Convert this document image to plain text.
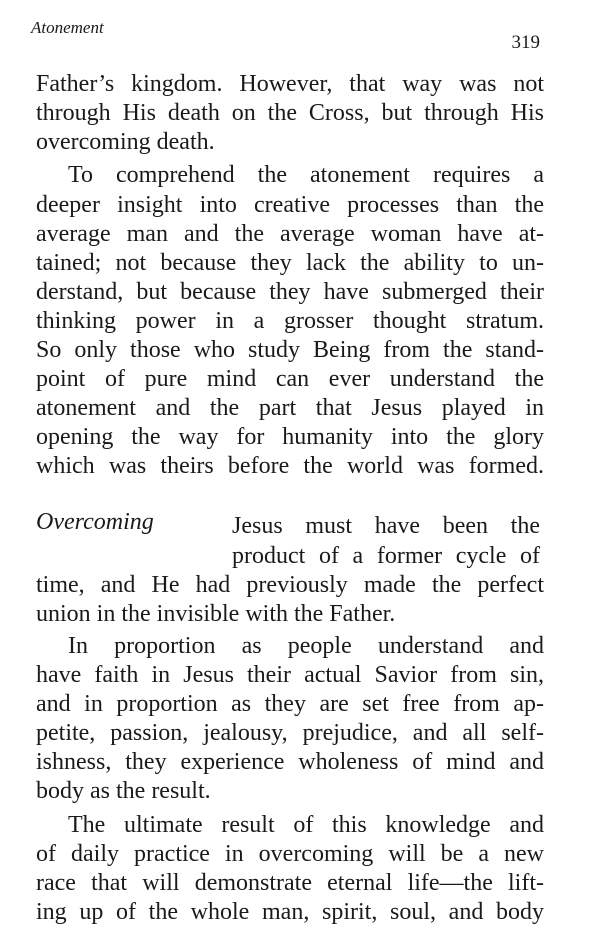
Atonement
319
Father’s kingdom. However, that way was not
through His death on the Cross, but through His
overcoming death.
To comprehend the atonement requires a
deeper insight into creative processes than the
average man and the average woman have at-
tained; not because they lack the ability to un-
derstand, but because they have submerged their
thinking power in a grosser thought stratum.
So only those who study Being from the stand-
point of pure mind can ever understand the
atonement and the part that Jesus played in
opening the way for humanity into the glory
which was theirs before the world was formed.
Overcoming	Jesus must have been the
product of a former cycle of
time, and He had previously made the perfect
union in the invisible with the Father.
In proportion as people understand and
have faith in Jesus their actual Savior from sin,
and in proportion as they are set free from ap-
petite, passion, jealousy, prejudice, and all self-
ishness, they experience wholeness of mind and
body as the result.
The ultimate result of this knowledge and
of daily practice in overcoming will be a new
race that will demonstrate eternal life—the lift-
ing up of the whole man, spirit, soul, and body
